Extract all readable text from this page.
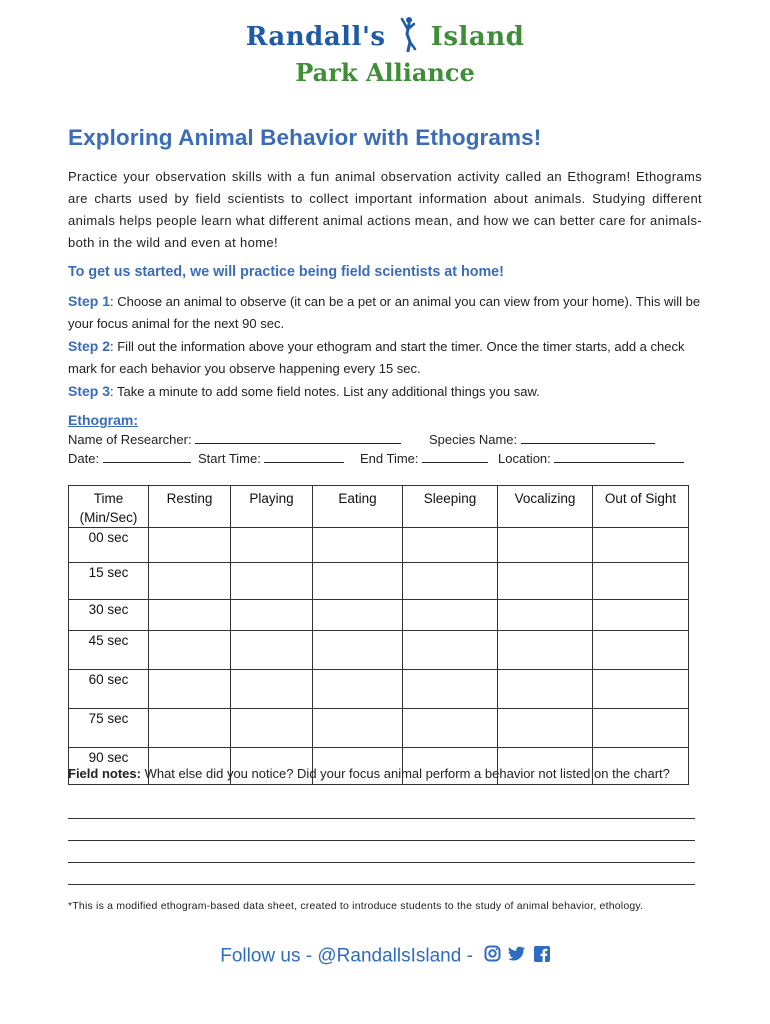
Randall's Island
Park Alliance
Exploring Animal Behavior with Ethograms!

Practice your observation skills with a fun animal observation activity called an Ethogram! Ethograms are charts used by field scientists to collect important information about animals. Studying different animals helps people learn what different animal actions mean, and how we can better care for animals- both in the wild and even at home!

To get us started, we will practice being field scientists at home!

Step 1: Choose an animal to observe (it can be a pet or an animal you can view from your home). This will be your focus animal for the next 90 sec.

Step 2: Fill out the information above your ethogram and start the timer. Once the timer starts, add a check mark for each behavior you observe happening every 15 sec.

Step 3: Take a minute to add some field notes. List any additional things you saw.

Ethogram:
Name of Researcher:	Species Name:
Date:	Start Time:	End Time:	Location:
Time
(Min/Sec)	Resting	Playing	Eating	Sleeping	Vocalizing	Out of Sight
00 sec						
15 sec						
30 sec						
45 sec						
60 sec						
75 sec						
90 sec						
Field notes: What else did you notice? Did your focus animal perform a behavior not listed on the chart?
*This is a modified ethogram-based data sheet, created to introduce students to the study of animal behavior, ethology.
Follow us - @RandallsIsland -
